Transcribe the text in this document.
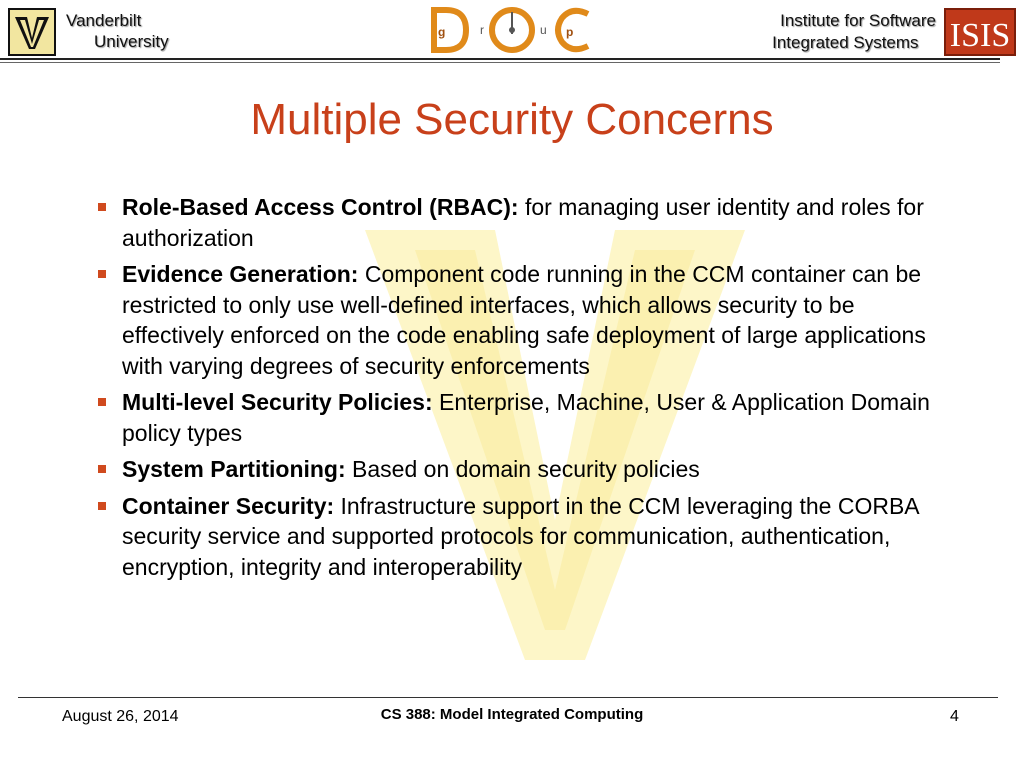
Vanderbilt
University	g	r	u p
Institute for Software
Integrated Systems ISIS
Multiple Security Concerns
Role-Based Access Control (RBAC): for managing user identity and roles for authorization
Evidence Generation: Component code running in the CCM container can be restricted to only use well-defined interfaces, which allows security to be effectively enforced on the code enabling safe deployment of large applications with varying degrees of security enforcements
Multi-level Security Policies: Enterprise, Machine, User & Application Domain policy types
System Partitioning: Based on domain security policies
Container Security: Infrastructure support in the CCM leveraging the CORBA security service and supported protocols for communication, authentication, encryption, integrity and interoperability
August 26, 2014	CS 388: Model Integrated Computing	4
